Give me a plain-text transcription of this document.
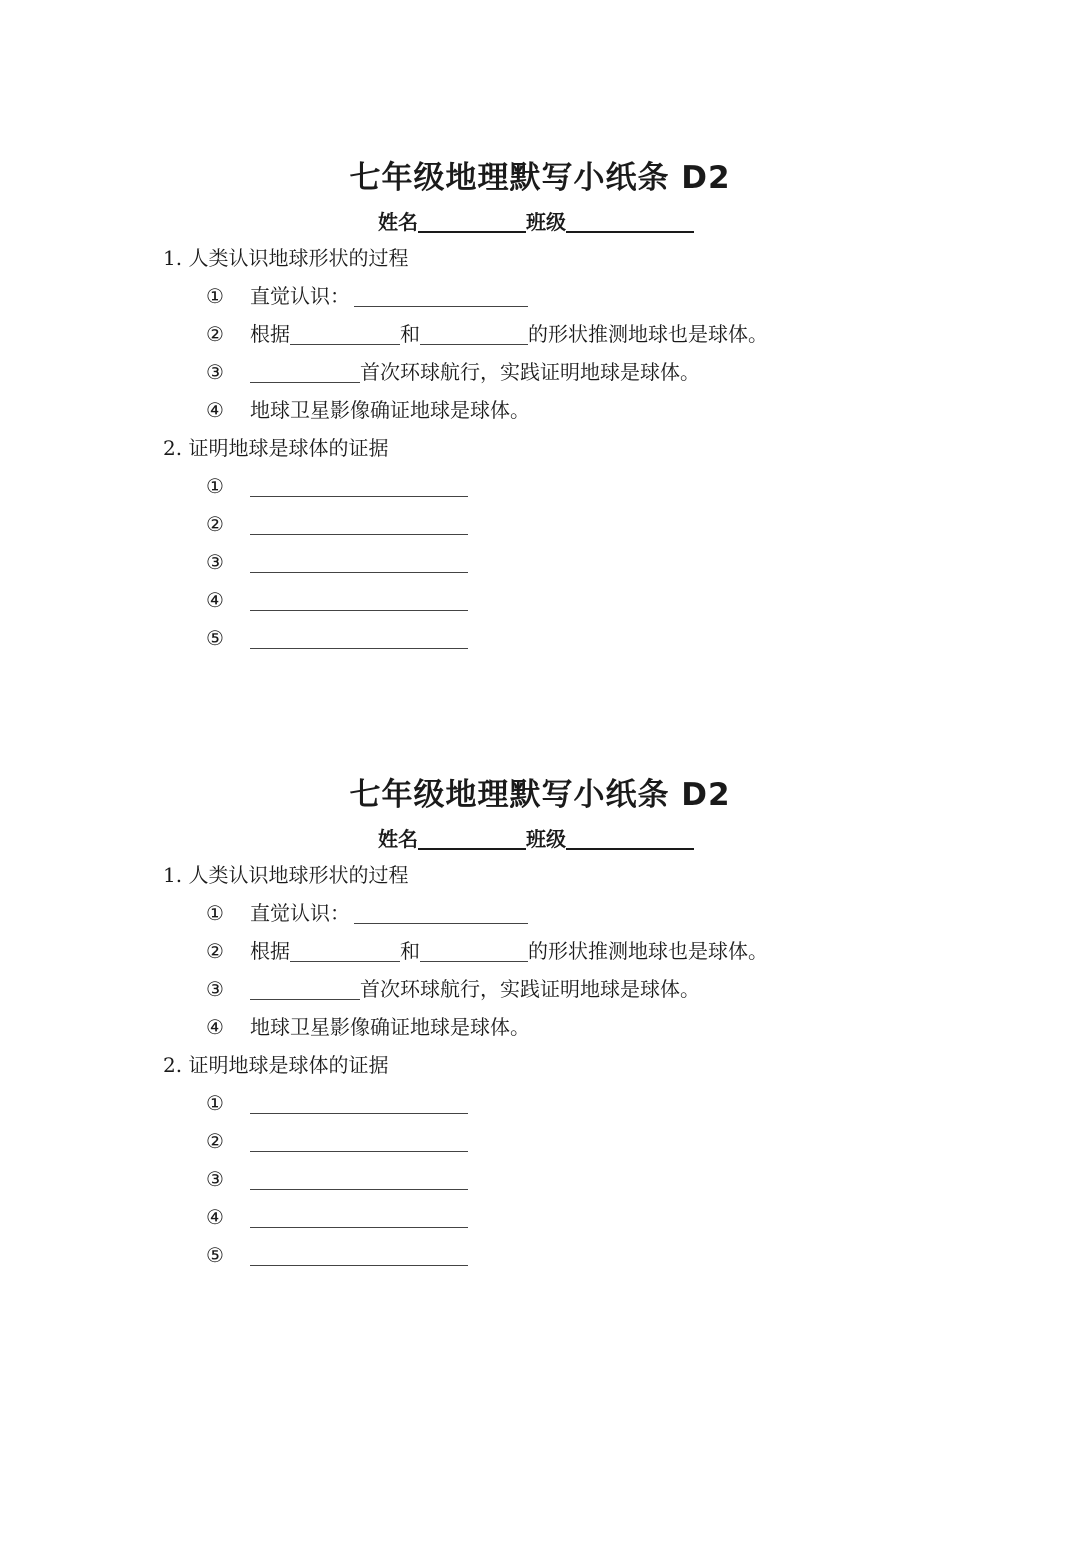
七年级地理默写小纸条 D2
姓名	班级

1. 人类认识地球形状的过程

①	直觉认识：
②	根据	和	的形状推测地球也是球体。
③	首次环球航行，实践证明地球是球体。
④	地球卫星影像确证地球是球体。

2. 证明地球是球体的证据

①
②
③
④
⑤
七年级地理默写小纸条 D2
姓名	班级

1. 人类认识地球形状的过程

①	直觉认识：
②	根据	和	的形状推测地球也是球体。
③	首次环球航行，实践证明地球是球体。
④	地球卫星影像确证地球是球体。

2. 证明地球是球体的证据

①
②
③
④
⑤
